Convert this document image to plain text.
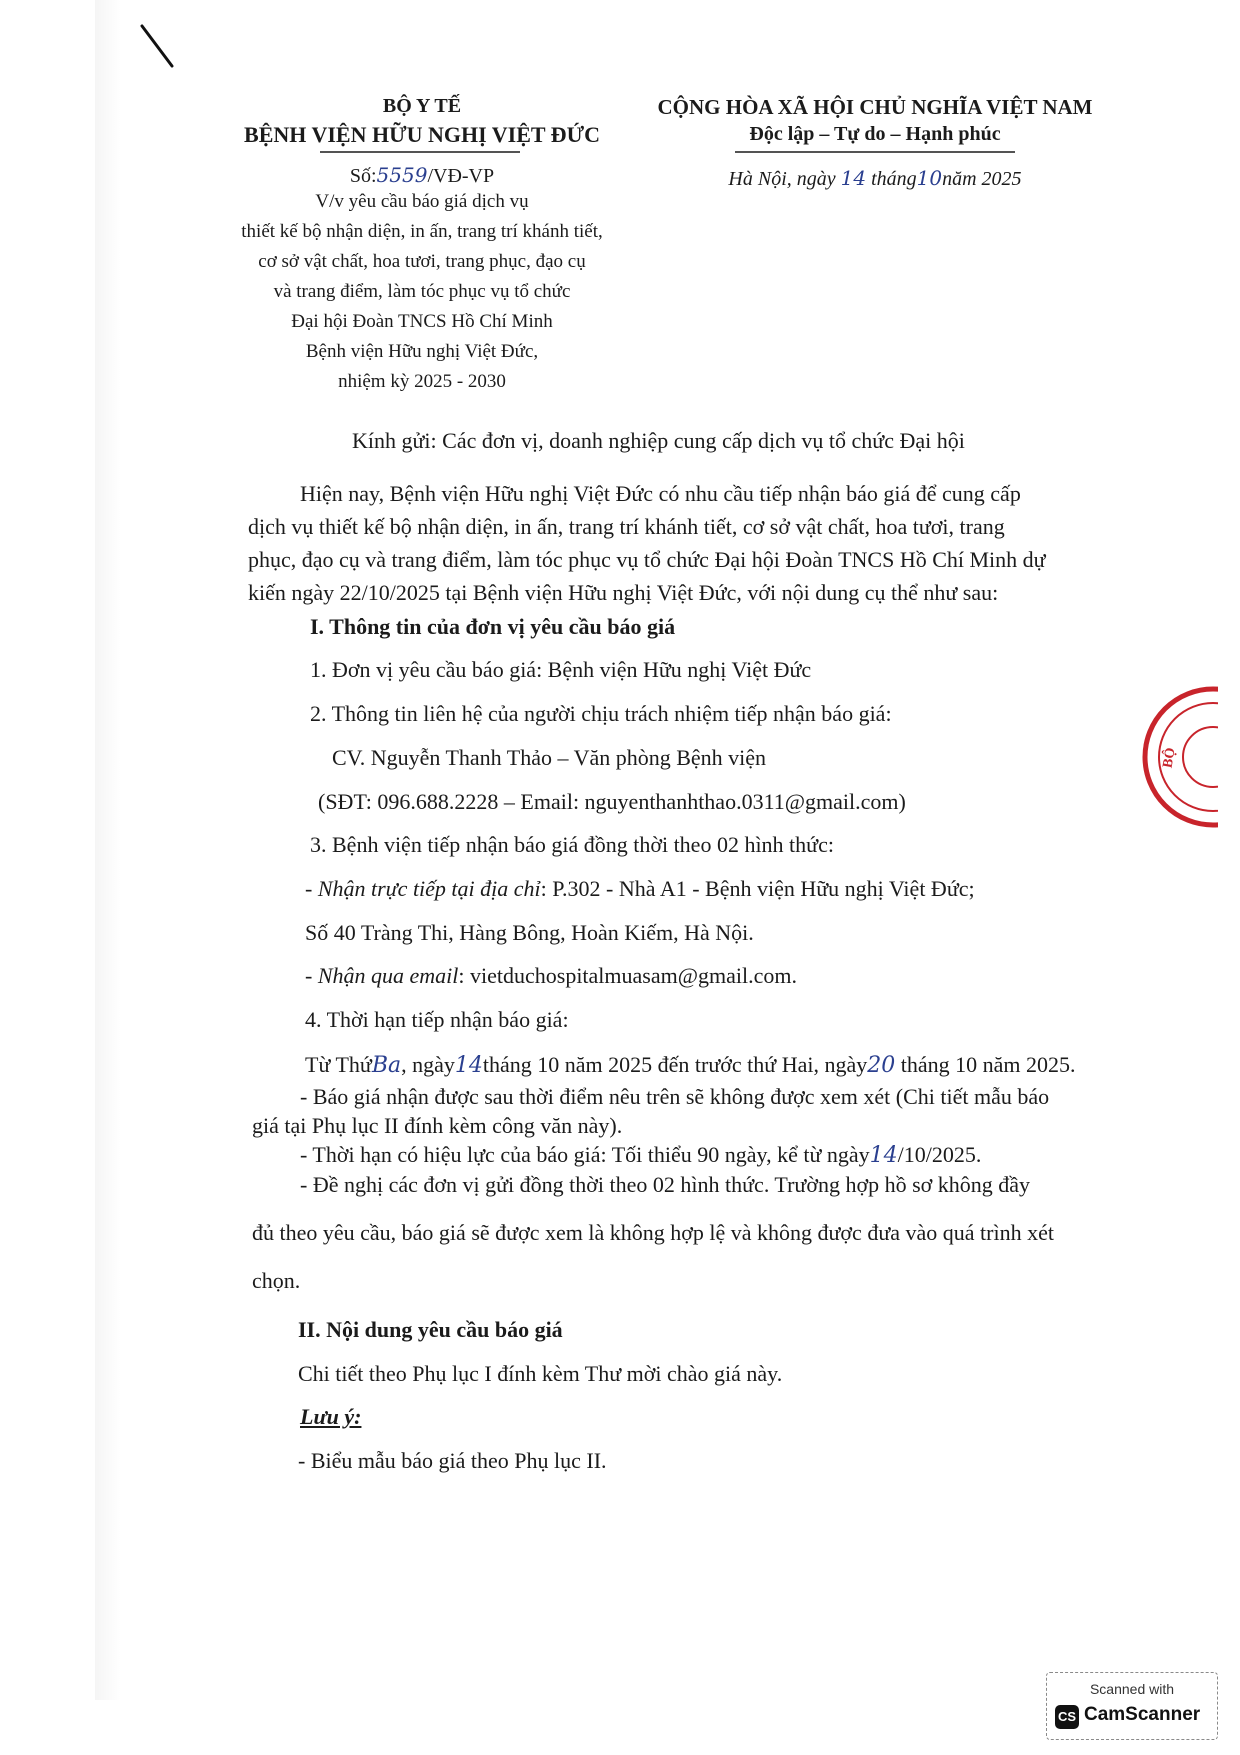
BỘ Y TẾ
BỆNH VIỆN HỮU NGHỊ VIỆT ĐỨC
Số:5559/VĐ-VP
V/v yêu cầu báo giá dịch vụ
thiết kế bộ nhận diện, in ấn, trang trí khánh tiết,
cơ sở vật chất, hoa tươi, trang phục, đạo cụ
và trang điểm, làm tóc phục vụ tổ chức
Đại hội Đoàn TNCS Hồ Chí Minh
Bệnh viện Hữu nghị Việt Đức,
nhiệm kỳ 2025 - 2030
CỘNG HÒA XÃ HỘI CHỦ NGHĨA VIỆT NAM
Độc lập – Tự do – Hạnh phúc
Hà Nội, ngày 14 tháng10năm 2025
Kính gửi: Các đơn vị, doanh nghiệp cung cấp dịch vụ tổ chức Đại hội
Hiện nay, Bệnh viện Hữu nghị Việt Đức có nhu cầu tiếp nhận báo giá để cung cấp
dịch vụ thiết kế bộ nhận diện, in ấn, trang trí khánh tiết, cơ sở vật chất, hoa tươi, trang
phục, đạo cụ và trang điểm, làm tóc phục vụ tổ chức Đại hội Đoàn TNCS Hồ Chí Minh dự
kiến ngày 22/10/2025 tại Bệnh viện Hữu nghị Việt Đức, với nội dung cụ thể như sau:
I. Thông tin của đơn vị yêu cầu báo giá
1. Đơn vị yêu cầu báo giá: Bệnh viện Hữu nghị Việt Đức
2. Thông tin liên hệ của người chịu trách nhiệm tiếp nhận báo giá:
CV. Nguyễn Thanh Thảo – Văn phòng Bệnh viện
(SĐT: 096.688.2228 – Email: nguyenthanhthao.0311@gmail.com)
3. Bệnh viện tiếp nhận báo giá đồng thời theo 02 hình thức:
- Nhận trực tiếp tại địa chỉ: P.302 - Nhà A1 - Bệnh viện Hữu nghị Việt Đức;
Số 40 Tràng Thi, Hàng Bông, Hoàn Kiếm, Hà Nội.
- Nhận qua email: vietduchospitalmuasam@gmail.com.
4. Thời hạn tiếp nhận báo giá:
Từ ThứBa, ngày14tháng 10 năm 2025 đến trước thứ Hai, ngày20 tháng 10 năm 2025.
- Báo giá nhận được sau thời điểm nêu trên sẽ không được xem xét (Chi tiết mẫu báo
giá tại Phụ lục II đính kèm công văn này).
- Thời hạn có hiệu lực của báo giá: Tối thiểu 90 ngày, kể từ ngày14/10/2025.
- Đề nghị các đơn vị gửi đồng thời theo 02 hình thức. Trường hợp hồ sơ không đầy
đủ theo yêu cầu, báo giá sẽ được xem là không hợp lệ và không được đưa vào quá trình xét
chọn.
II. Nội dung yêu cầu báo giá
Chi tiết theo Phụ lục I đính kèm Thư mời chào giá này.
Lưu ý:
- Biểu mẫu báo giá theo Phụ lục II.
BỘ
Scanned with
CS CamScanner
